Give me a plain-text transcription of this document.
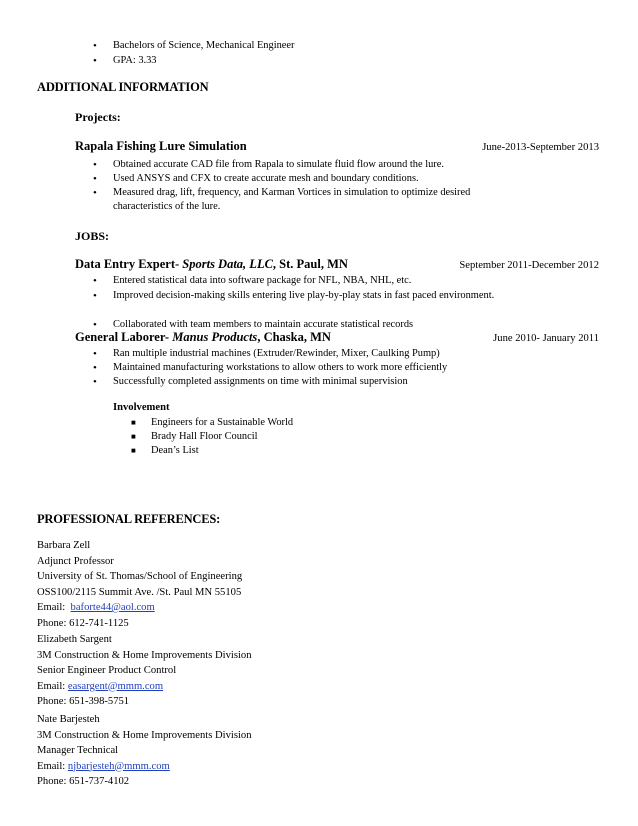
• Bachelors of Science, Mechanical Engineer
• GPA: 3.33
ADDITIONAL INFORMATION
Projects:
Rapala Fishing Lure Simulation	June-2013-September 2013
• Obtained accurate CAD file from Rapala to simulate fluid flow around the lure.
• Used ANSYS and CFX to create accurate mesh and boundary conditions.
• Measured drag, lift, frequency, and Karman Vortices in simulation to optimize desired
characteristics of the lure.
JOBS:
Data Entry Expert- Sports Data, LLC, St. Paul, MN	September 2011-December 2012
• Entered statistical data into software package for NFL, NBA, NHL, etc.
• Improved decision-making skills entering live play-by-play stats in fast paced environment.
• Collaborated with team members to maintain accurate statistical records
General Laborer- Manus Products, Chaska, MN	June 2010- January 2011
• Ran multiple industrial machines (Extruder/Rewinder, Mixer, Caulking Pump)
• Maintained manufacturing workstations to allow others to work more efficiently
• Successfully completed assignments on time with minimal supervision
Involvement
■ Engineers for a Sustainable World
■ Brady Hall Floor Council
■ Dean’s List
PROFESSIONAL REFERENCES:
Barbara Zell
Adjunct Professor
University of St. Thomas/School of Engineering
OSS100/2115 Summit Ave. /St. Paul MN 55105
Email: baforte44@aol.com
Phone: 612-741-1125
Elizabeth Sargent
3M Construction & Home Improvements Division
Senior Engineer Product Control
Email: easargent@mmm.com
Phone: 651-398-5751
Nate Barjesteh
3M Construction & Home Improvements Division
Manager Technical
Email: njbarjesteh@mmm.com
Phone: 651-737-4102
